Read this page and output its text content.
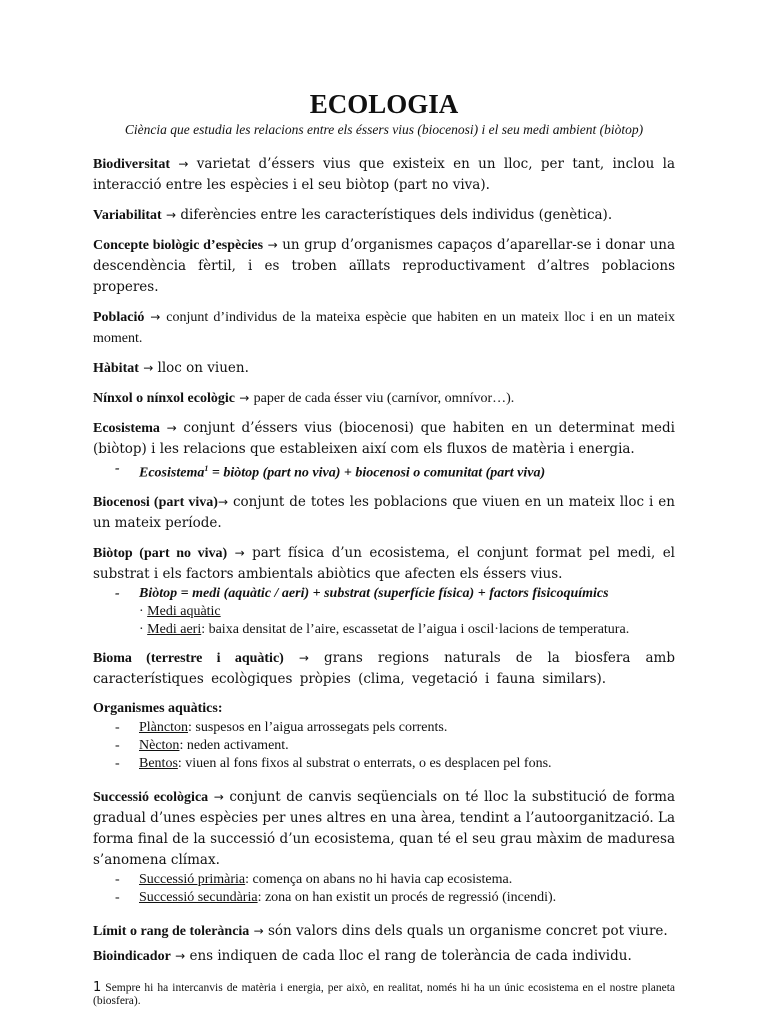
ECOLOGIA

Ciència que estudia les relacions entre els éssers vius (biocenosi) i el seu medi ambient (biòtop)

Biodiversitat → varietat d’éssers vius que existeix en un lloc, per tant, inclou la interacció entre les espècies i el seu biòtop (part no viva).

Variabilitat → diferències entre les característiques dels individus (genètica).

Concepte biològic d’espècies → un grup d’organismes capaços d’aparellar-se i donar una descendència fèrtil, i es troben aïllats reproductivament d’altres poblacions properes.

Població → conjunt d’individus de la mateixa espècie que habiten en un mateix lloc i en un mateix moment.

Hàbitat → lloc on viuen.

Nínxol o nínxol ecològic → paper de cada ésser viu (carnívor, omnívor…).

Ecosistema → conjunt d’éssers vius (biocenosi) que habiten en un determinat medi (biòtop) i les relacions que estableixen així com els fluxos de matèria i energia.

- Ecosistema$^1$ = biòtop (part no viva) + biocenosi o comunitat (part viva)

Biocenosi (part viva)→ conjunt de totes les poblacions que viuen en un mateix lloc i en un mateix període.

Biòtop (part no viva) → part física d’un ecosistema, el conjunt format pel medi, el substrat i els factors ambientals abiòtics que afecten els éssers vius.

- Biòtop = medi (aquàtic / aeri) + substrat (superfície física) + factors fisicoquímics
· Medi aquàtic
· Medi aeri: baixa densitat de l’aire, escassetat de l’aigua i oscil·lacions de temperatura.

Bioma (terrestre i aquàtic) → grans regions naturals de la biosfera amb característiques ecològiques pròpies (clima, vegetació i fauna similars).

Organismes aquàtics:
- Plàncton: suspesos en l’aigua arrossegats pels corrents.
- Nècton: neden activament.
- Bentos: viuen al fons fixos al substrat o enterrats, o es desplacen pel fons.

Successió ecològica → conjunt de canvis seqüencials on té lloc la substitució de forma gradual d’unes espècies per unes altres en una àrea, tendint a l’autoorganització. La forma final de la successió d’un ecosistema, quan té el seu grau màxim de maduresa s’anomena clímax.

- Successió primària: comença on abans no hi havia cap ecosistema.
- Successió secundària: zona on han existit un procés de regressió (incendi).

Límit o rang de tolerància → són valors dins dels quals un organisme concret pot viure.

Bioindicador → ens indiquen de cada lloc el rang de tolerància de cada individu.

1 Sempre hi ha intercanvis de matèria i energia, per això, en realitat, només hi ha un únic ecosistema en el nostre planeta (biosfera).
